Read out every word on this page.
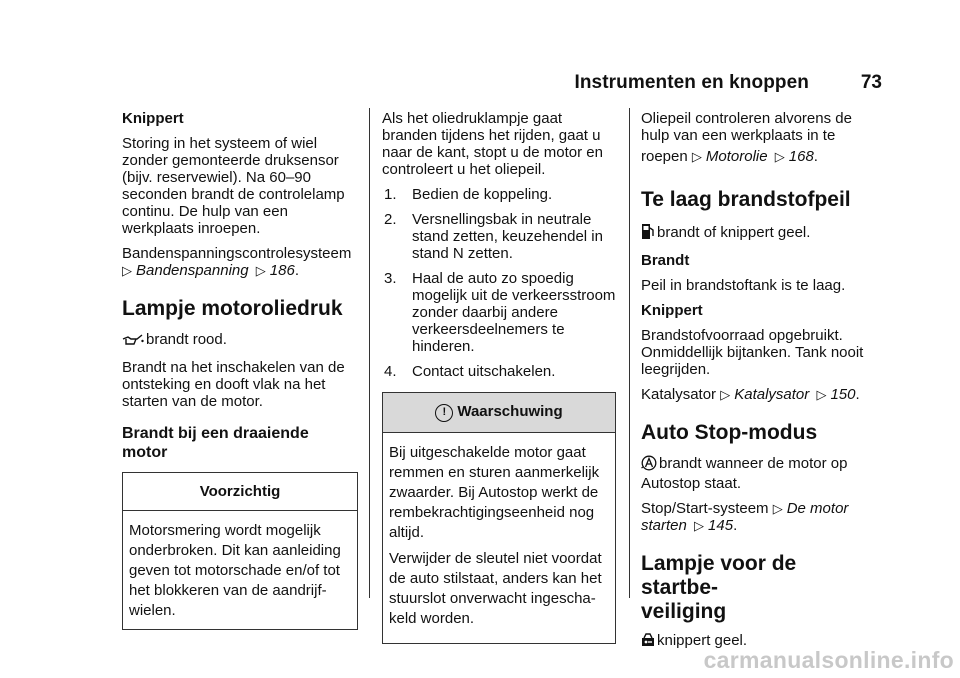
Instrumenten en knoppen	73

Knippert

Storing in het systeem of wiel zonder gemonteerde druksensor (bijv. reservewiel). Na 60–90 seconden brandt de controlelamp continu. De hulp van een werkplaats inroepen.

Bandenspanningscontrolesysteem
▷ Bandenspanning ▷ 186.

Lampje motoroliedruk

brandt rood.

Brandt na het inschakelen van de ontsteking en dooft vlak na het starten van de motor.

Brandt bij een draaiende motor
Voorzichtig
Motorsmering wordt mogelijk onderbroken. Dit kan aanleiding geven tot motorschade en/of tot het blokkeren van de aandrijf-wielen.

Als het oliedruklampje gaat branden tijdens het rijden, gaat u naar de kant, stopt u de motor en controleert u het oliepeil.

1.	Bedien de koppeling.
2.	Versnellingsbak in neutrale stand zetten, keuzehendel in stand N zetten.
3.	Haal de auto zo spoedig mogelijk uit de verkeersstroom zonder daarbij andere verkeersdeelnemers te hinderen.
4.	Contact uitschakelen.
! Waarschuwing

Bij uitgeschakelde motor gaat remmen en sturen aanmerkelijk zwaarder. Bij Autostop werkt de rembekrachtigingseenheid nog altijd.

Verwijder de sleutel niet voordat de auto stilstaat, anders kan het stuurslot onverwacht ingescha-keld worden.

Oliepeil controleren alvorens de hulp van een werkplaats in te
roepen ▷ Motorolie ▷ 168.

Te laag brandstofpeil

brandt of knippert geel.

Brandt

Peil in brandstoftank is te laag.

Knippert

Brandstofvoorraad opgebruikt. Onmiddellijk bijtanken. Tank nooit leegrijden.

Katalysator ▷ Katalysator ▷ 150.

Auto Stop-modus

brandt wanneer de motor op Autostop staat.

Stop/Start-systeem ▷ De motor starten ▷ 145.

Lampje voor de startbe-
veiliging

knippert geel.

carmanualsonline.info
